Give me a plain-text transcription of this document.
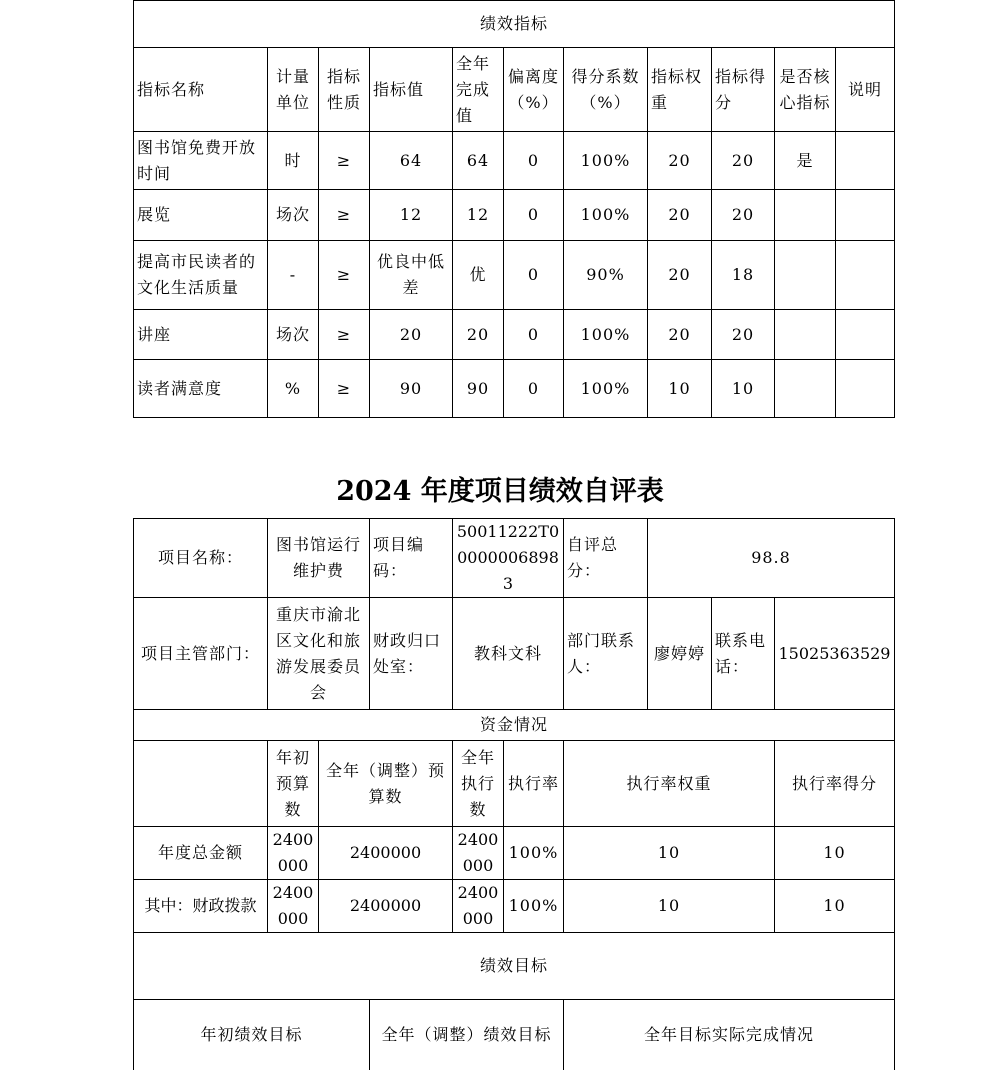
绩效指标										
指标名称	计量单位	指标性质	指标值	全年完成值	偏离度（%）	得分系数（%）	指标权重	指标得分	是否核心指标	说明
图书馆免费开放时间	时	≥	64	64	0	100%	20	20	是	
展览	场次	≥	12	12	0	100%	20	20		
提高市民读者的文化生活质量	-	≥	优良中低差	优	0	90%	20	18		
讲座	场次	≥	20	20	0	100%	20	20		
读者满意度	%	≥	90	90	0	100%	10	10		
2024 年度项目绩效自评表
项目名称：	图书馆运行维护费		项目编码：	50011222T000000068983		自评总分：	98.8		
项目主管部门：	重庆市渝北区文化和旅游发展委员会		财政归口处室：	教科文科		部门联系人：	廖婷婷	联系电话：	15025363529
资金情况									
	年初预算数	全年（调整）预算数		全年执行数	执行率	执行率权重			执行率得分
年度总金额	2400000	2400000		2400000	100%	10			10
其中：财政拨款	2400000	2400000		2400000	100%	10			10
绩效目标									
年初绩效目标			全年（调整）绩效目标			全年目标实际完成情况			
